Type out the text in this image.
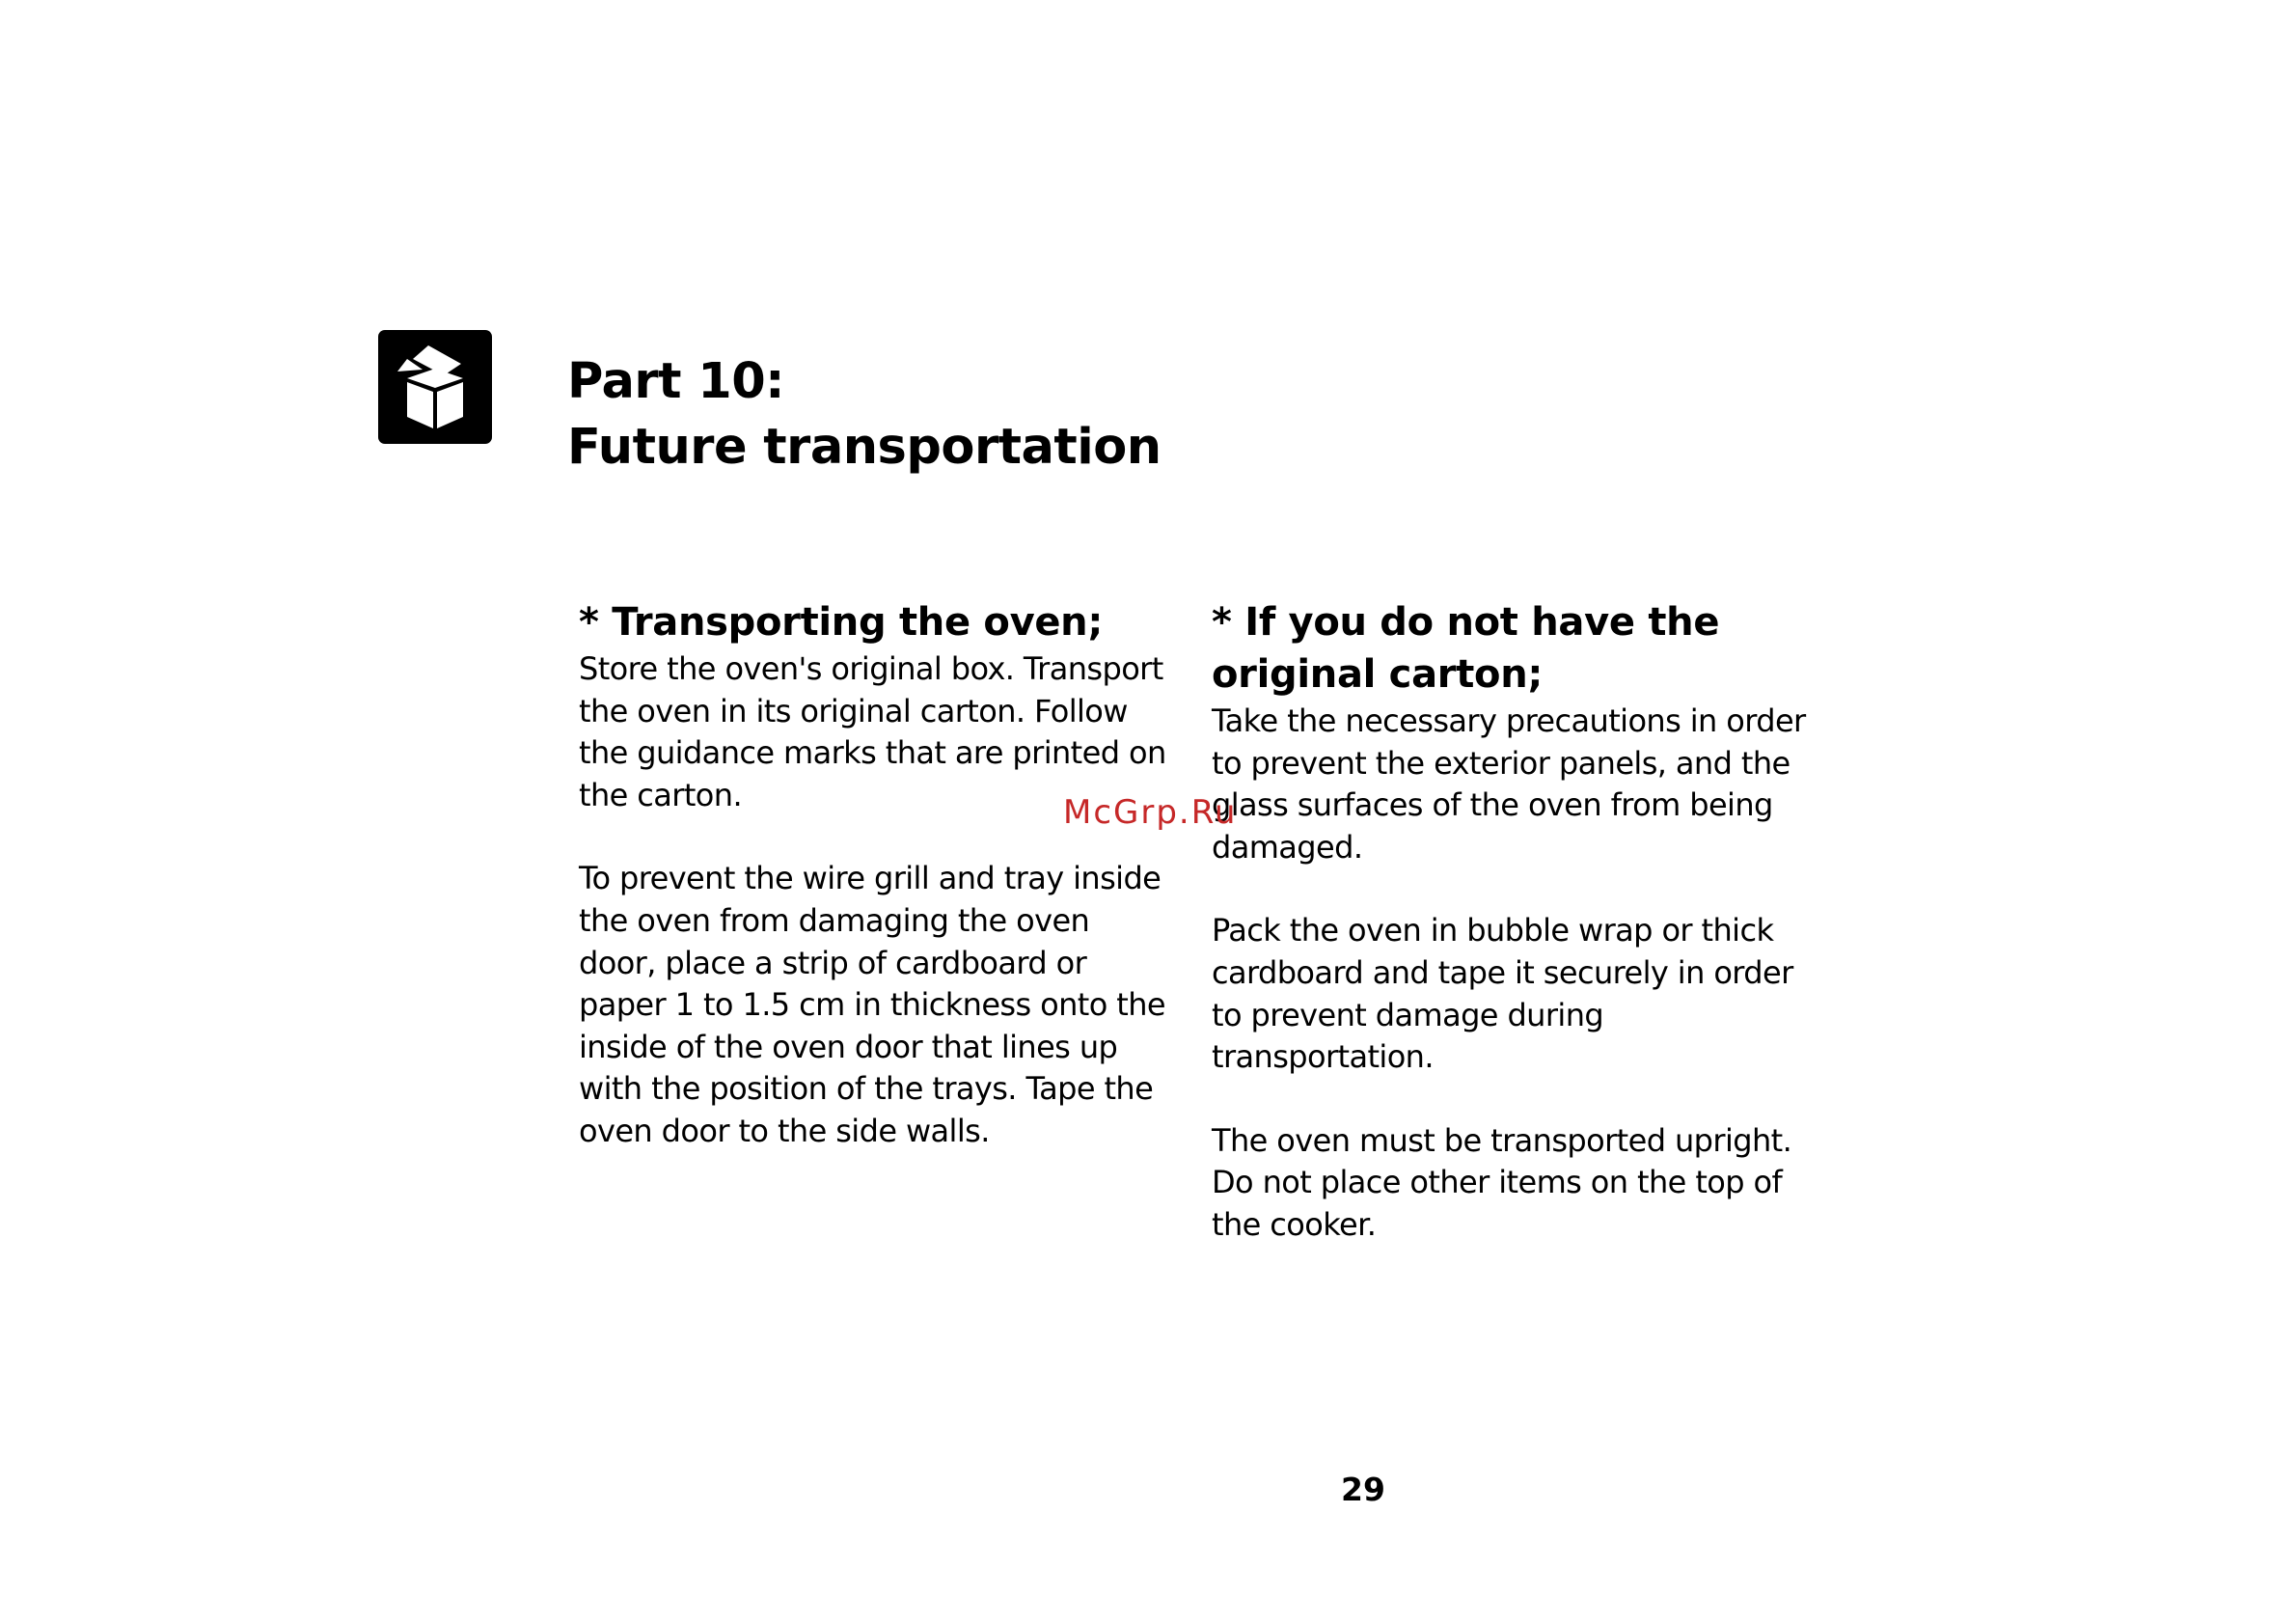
Part 10:
Future transportation
* Transporting the oven;

Store the oven's original box. Transport the oven in its original carton. Follow the guidance marks that are printed on the carton.

To prevent the wire grill and tray inside the oven from damaging the oven door, place a strip of cardboard or paper 1 to 1.5 cm in thickness onto the inside of the oven door that lines up with the position of the trays. Tape the oven door to the side walls.

* If you do not have the original carton;

Take the necessary precautions in order to prevent the exterior panels, and the glass surfaces of the oven from being damaged.

Pack the oven in bubble wrap or thick cardboard and tape it securely in order to prevent damage during transportation.

The oven must be transported upright. Do not place other items on the top of the cooker.

McGrp.Ru
29
